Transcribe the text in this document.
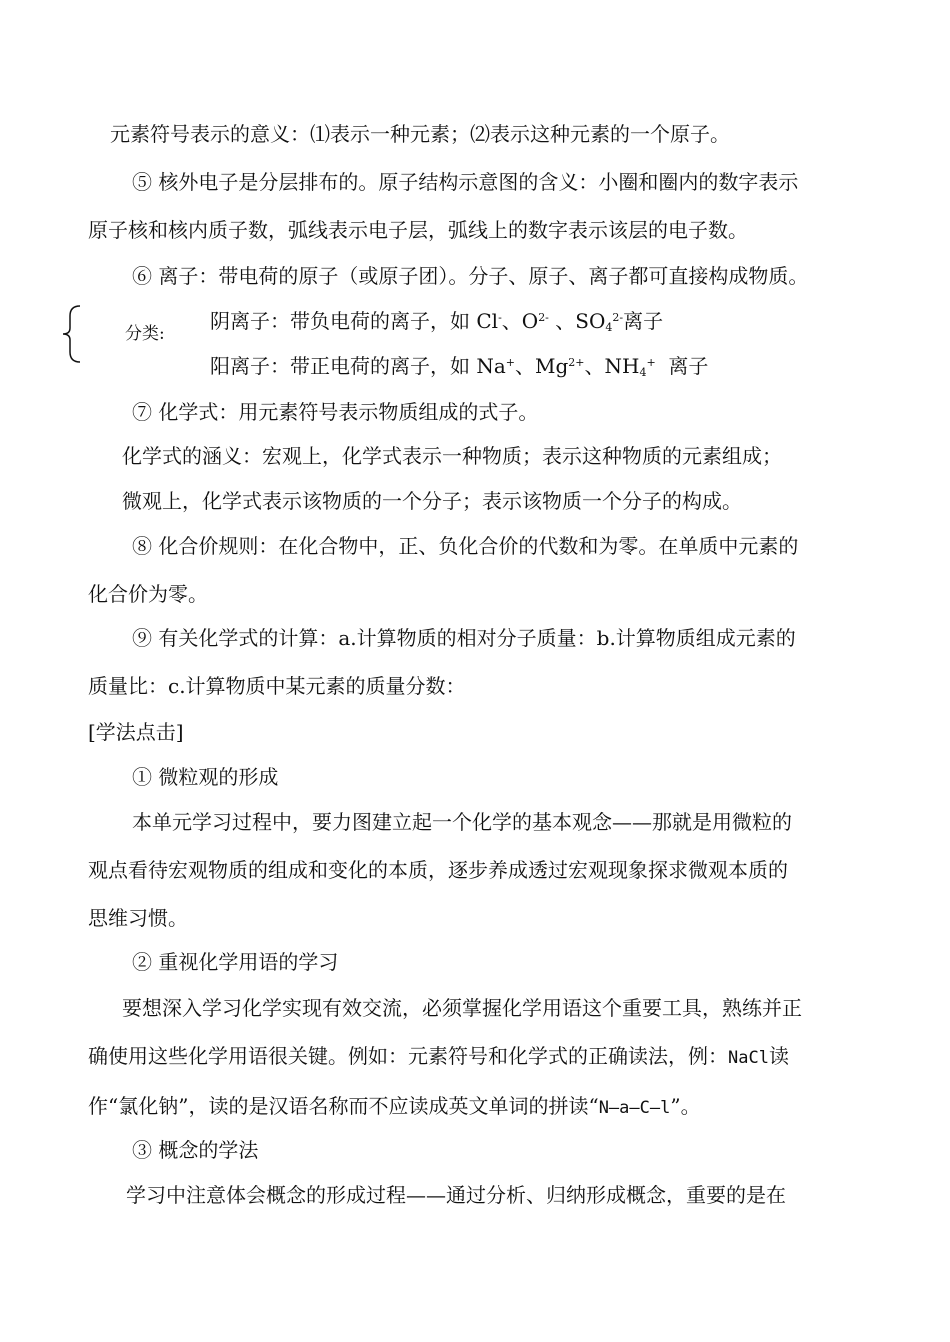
元素符号表示的意义：⑴表示一种元素；⑵表示这种元素的一个原子。
⑤ 核外电子是分层排布的。原子结构示意图的含义：小圈和圈内的数字表示
原子核和核内质子数，弧线表示电子层，弧线上的数字表示该层的电子数。
⑥ 离子：带电荷的原子（或原子团）。分子、原子、离子都可直接构成物质。
分类:
阴离子：带负电荷的离子，如 Cl-、$O^{2-}$ 、$SO_4^{2-}$离子
阳离子：带正电荷的离子，如 Na+、$Mg^{2+}$、$NH_4^+$  离子
⑦ 化学式：用元素符号表示物质组成的式子。
化学式的涵义：宏观上，化学式表示一种物质；表示这种物质的元素组成；
微观上，化学式表示该物质的一个分子；表示该物质一个分子的构成。
⑧ 化合价规则：在化合物中，正、负化合价的代数和为零。在单质中元素的
化合价为零。
⑨ 有关化学式的计算：a.计算物质的相对分子质量：b.计算物质组成元素的
质量比：c.计算物质中某元素的质量分数：
[学法点击]
① 微粒观的形成
本单元学习过程中，要力图建立起一个化学的基本观念——那就是用微粒的
观点看待宏观物质的组成和变化的本质，逐步养成透过宏观现象探求微观本质的
思维习惯。
② 重视化学用语的学习
要想深入学习化学实现有效交流，必须掌握化学用语这个重要工具，熟练并正
确使用这些化学用语很关键。例如：元素符号和化学式的正确读法，例：NaCl读
作“氯化钠”，读的是汉语名称而不应读成英文单词的拼读“N—a—C—l”。
③ 概念的学法
学习中注意体会概念的形成过程——通过分析、归纳形成概念，重要的是在
